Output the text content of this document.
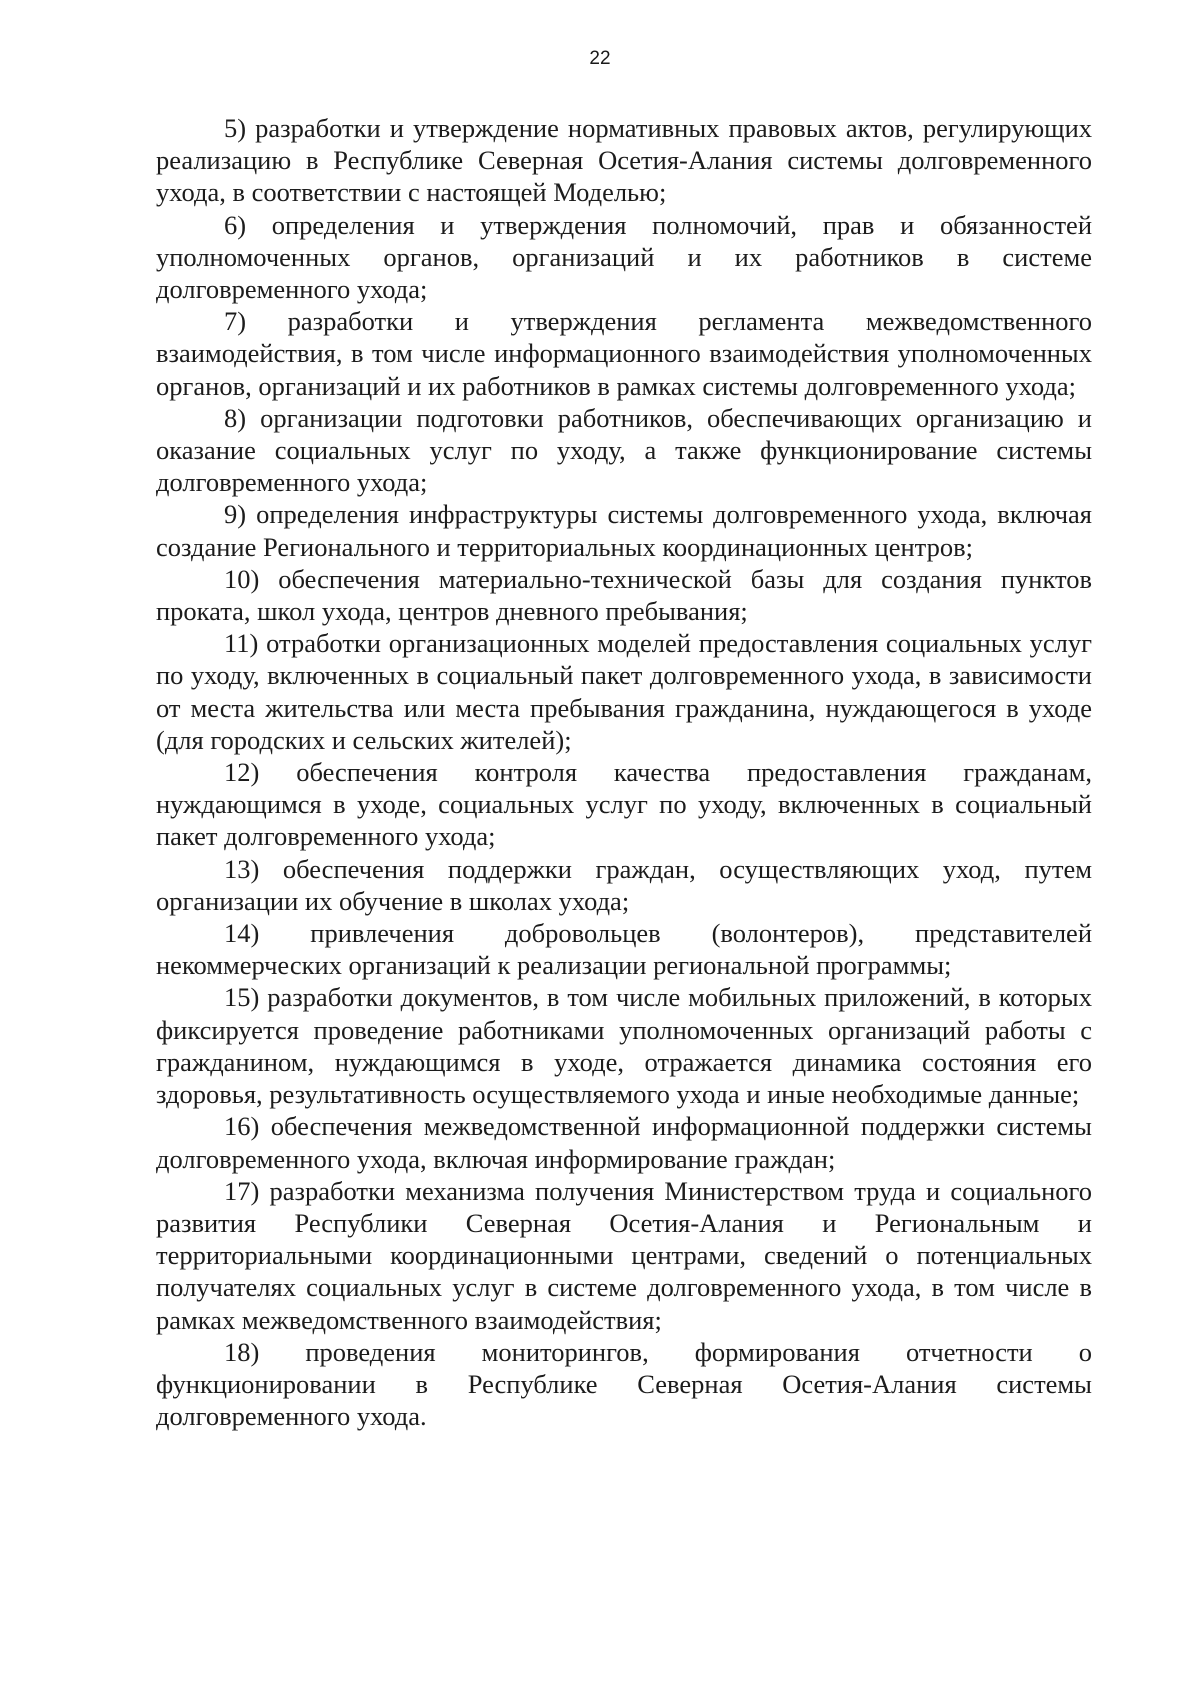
22

5) разработки и утверждение нормативных правовых актов, регулирующих реализацию в Республике Северная Осетия-Алания системы долговременного ухода, в соответствии с настоящей Моделью;

6) определения и утверждения полномочий, прав и обязанностей уполномоченных органов, организаций и их работников в системе долговременного ухода;

7) разработки и утверждения регламента межведомственного взаимодействия, в том числе информационного взаимодействия уполномоченных органов, организаций и их работников в рамках системы долговременного ухода;

8) организации подготовки работников, обеспечивающих организацию и оказание социальных услуг по уходу, а также функционирование системы долговременного ухода;

9) определения инфраструктуры системы долговременного ухода, включая создание Регионального и территориальных координационных центров;

10) обеспечения материально-технической базы для создания пунктов проката, школ ухода, центров дневного пребывания;

11) отработки организационных моделей предоставления социальных услуг по уходу, включенных в социальный пакет долговременного ухода, в зависимости от места жительства или места пребывания гражданина, нуждающегося в уходе (для городских и сельских жителей);

12) обеспечения контроля качества предоставления гражданам, нуждающимся в уходе, социальных услуг по уходу, включенных в социальный пакет долговременного ухода;

13) обеспечения поддержки граждан, осуществляющих уход, путем организации их обучение в школах ухода;

14) привлечения добровольцев (волонтеров), представителей некоммерческих организаций к реализации региональной программы;

15) разработки документов, в том числе мобильных приложений, в которых фиксируется проведение работниками уполномоченных организаций работы с гражданином, нуждающимся в уходе, отражается динамика состояния его здоровья, результативность осуществляемого ухода и иные необходимые данные;

16) обеспечения межведомственной информационной поддержки системы долговременного ухода, включая информирование граждан;

17) разработки механизма получения Министерством труда и социального развития Республики Северная Осетия-Алания и Региональным и территориальными координационными центрами, сведений о потенциальных получателях социальных услуг в системе долговременного ухода, в том числе в рамках межведомственного взаимодействия;

18) проведения мониторингов, формирования отчетности о функционировании в Республике Северная Осетия-Алания системы долговременного ухода.
